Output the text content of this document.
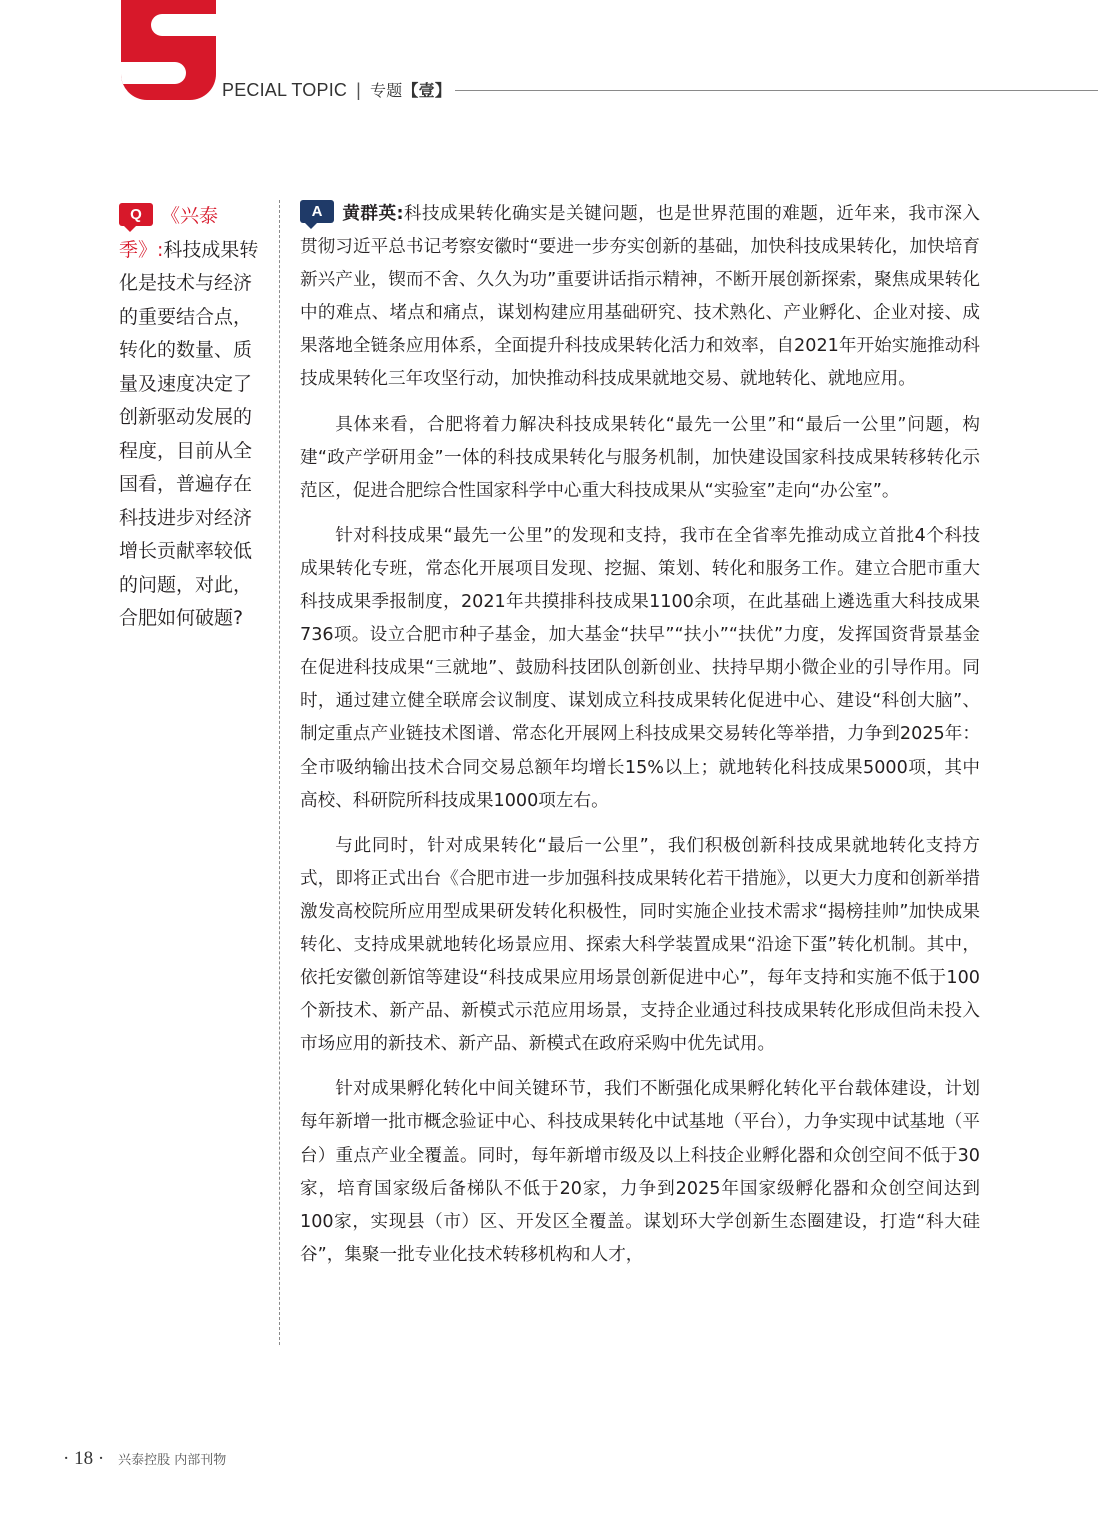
PECIAL TOPIC | 专题【壹】
Q 《兴泰季》:科技成果转化是技术与经济的重要结合点，转化的数量、质量及速度决定了创新驱动发展的程度，目前从全国看，普遍存在科技进步对经济增长贡献率较低的问题，对此，合肥如何破题?

A 黄群英:科技成果转化确实是关键问题，也是世界范围的难题，近年来，我市深入贯彻习近平总书记考察安徽时“要进一步夯实创新的基础，加快科技成果转化，加快培育新兴产业，锲而不舍、久久为功”重要讲话指示精神，不断开展创新探索，聚焦成果转化中的难点、堵点和痛点，谋划构建应用基础研究、技术熟化、产业孵化、企业对接、成果落地全链条应用体系，全面提升科技成果转化活力和效率，自2021年开始实施推动科技成果转化三年攻坚行动，加快推动科技成果就地交易、就地转化、就地应用。

具体来看，合肥将着力解决科技成果转化“最先一公里”和“最后一公里”问题，构建“政产学研用金”一体的科技成果转化与服务机制，加快建设国家科技成果转移转化示范区，促进合肥综合性国家科学中心重大科技成果从“实验室”走向“办公室”。

针对科技成果“最先一公里”的发现和支持，我市在全省率先推动成立首批4个科技成果转化专班，常态化开展项目发现、挖掘、策划、转化和服务工作。建立合肥市重大科技成果季报制度，2021年共摸排科技成果1100余项，在此基础上遴选重大科技成果736项。设立合肥市种子基金，加大基金“扶早”“扶小”“扶优”力度，发挥国资背景基金在促进科技成果“三就地”、鼓励科技团队创新创业、扶持早期小微企业的引导作用。同时，通过建立健全联席会议制度、谋划成立科技成果转化促进中心、建设“科创大脑”、制定重点产业链技术图谱、常态化开展网上科技成果交易转化等举措，力争到2025年：全市吸纳输出技术合同交易总额年均增长15%以上；就地转化科技成果5000项，其中高校、科研院所科技成果1000项左右。

与此同时，针对成果转化“最后一公里”，我们积极创新科技成果就地转化支持方式，即将正式出台《合肥市进一步加强科技成果转化若干措施》，以更大力度和创新举措激发高校院所应用型成果研发转化积极性，同时实施企业技术需求“揭榜挂帅”加快成果转化、支持成果就地转化场景应用、探索大科学装置成果“沿途下蛋”转化机制。其中，依托安徽创新馆等建设“科技成果应用场景创新促进中心”，每年支持和实施不低于100个新技术、新产品、新模式示范应用场景，支持企业通过科技成果转化形成但尚未投入市场应用的新技术、新产品、新模式在政府采购中优先试用。

针对成果孵化转化中间关键环节，我们不断强化成果孵化转化平台载体建设，计划每年新增一批市概念验证中心、科技成果转化中试基地（平台），力争实现中试基地（平台）重点产业全覆盖。同时，每年新增市级及以上科技企业孵化器和众创空间不低于30家，培育国家级后备梯队不低于20家，力争到2025年国家级孵化器和众创空间达到100家，实现县（市）区、开发区全覆盖。谋划环大学创新生态圈建设，打造“科大硅谷”，集聚一批专业化技术转移机构和人才，

· 18 · 兴泰控股 内部刊物
